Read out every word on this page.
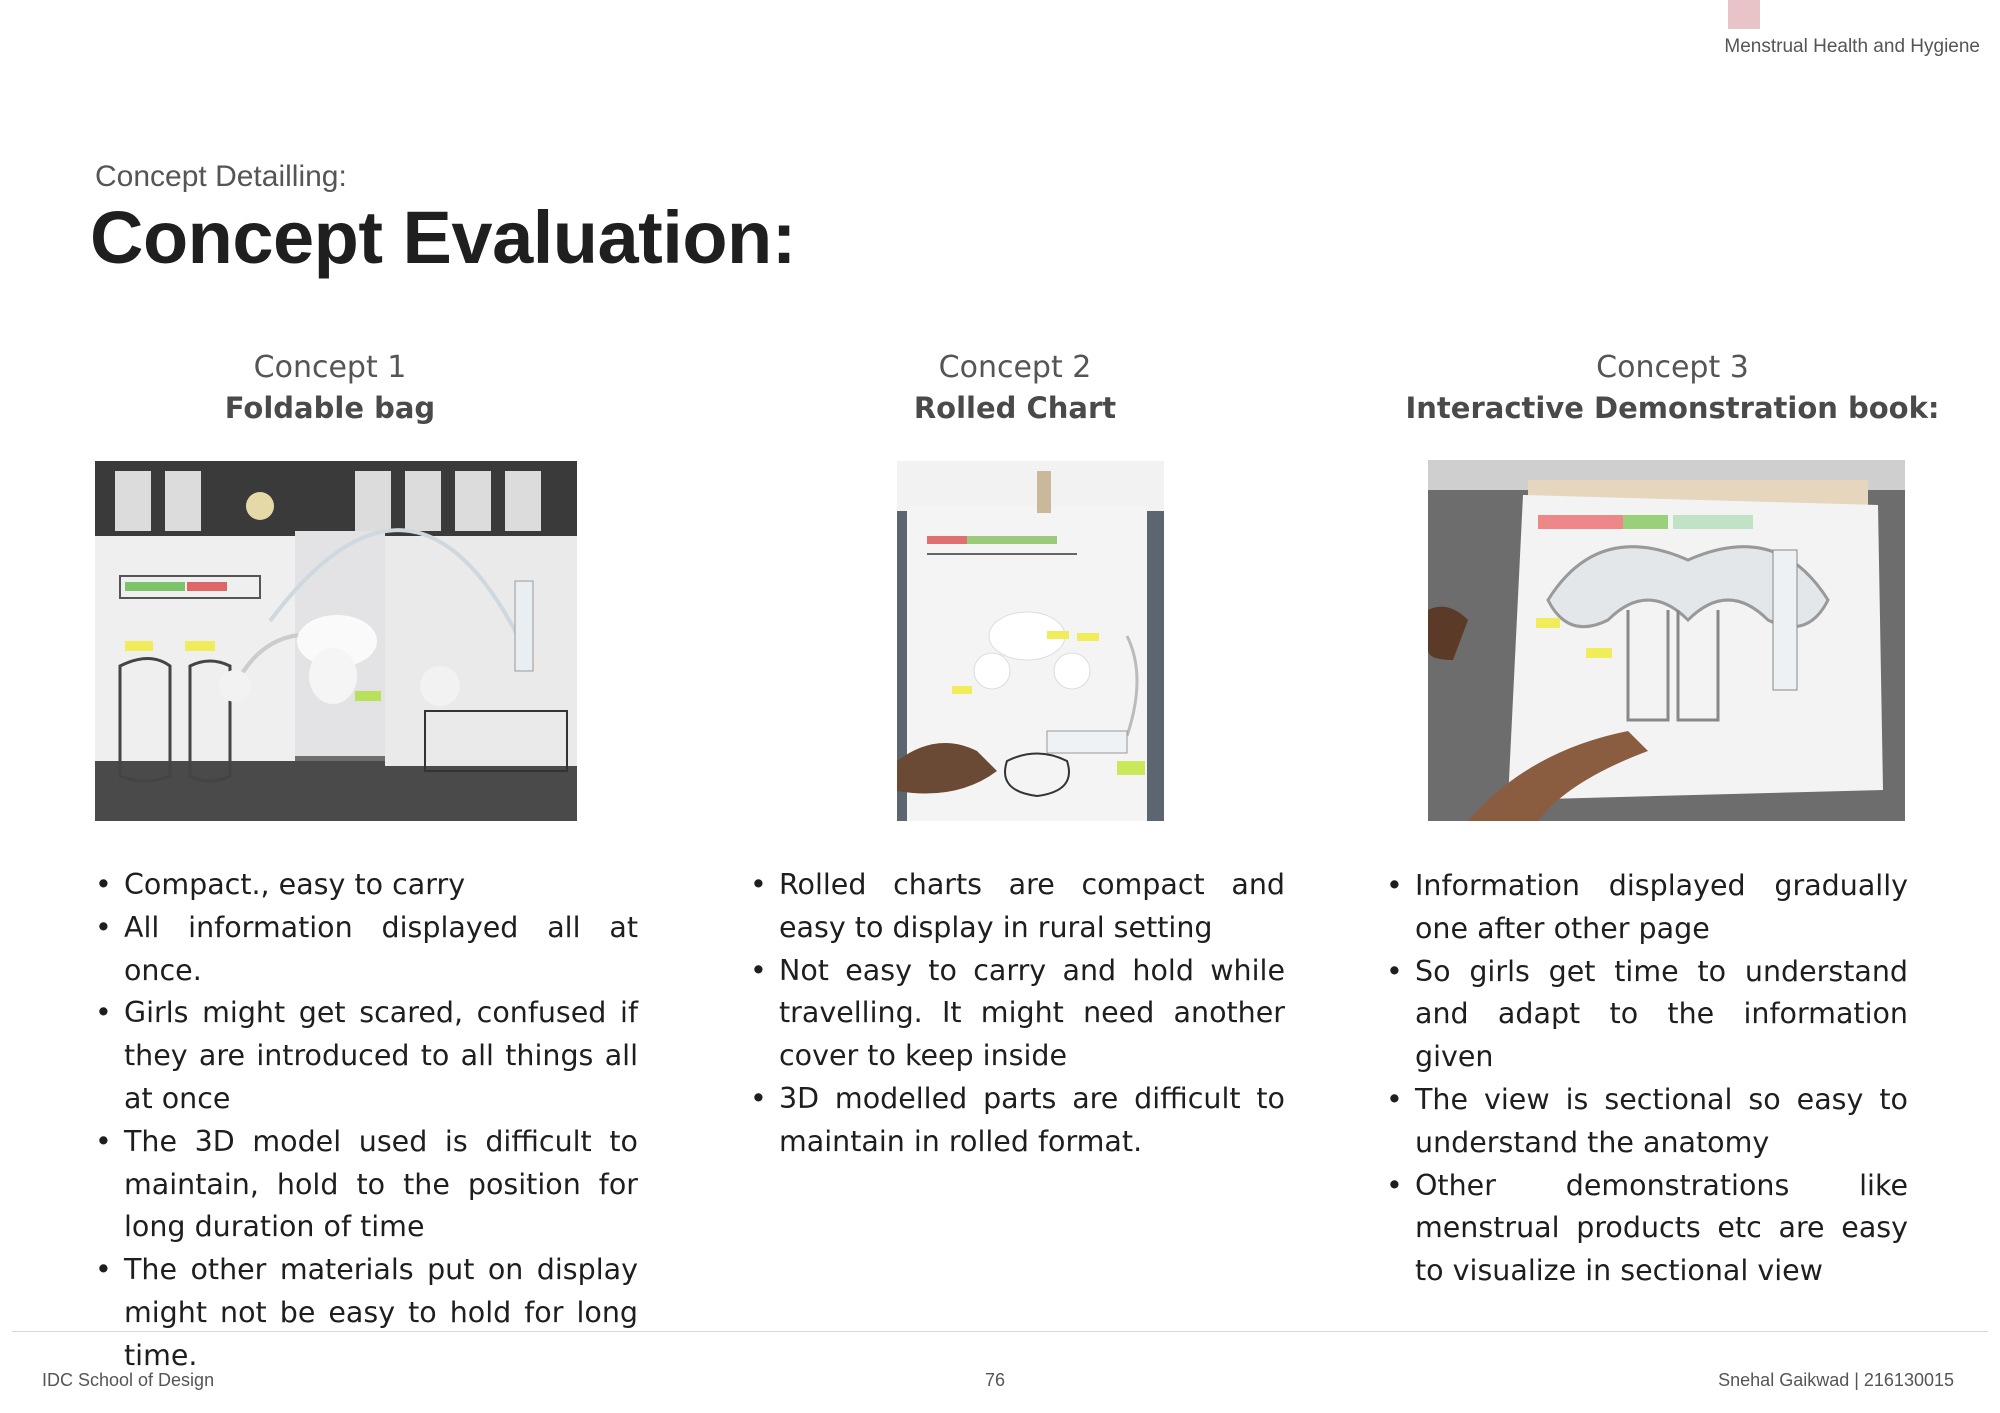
Menstrual Health and Hygiene
Concept Detailling:
Concept Evaluation:
Concept 1
Foldable bag
• Compact., easy to carry
• All information displayed all at once.
• Girls might get scared, confused if they are introduced to all things all at once
• The 3D model used is difficult to maintain, hold to the position for long duration of time
• The other materials put on display might not be easy to hold for long time.
Concept 2
Rolled Chart
• Rolled charts are compact and easy to display in rural setting
• Not easy to carry and hold while travelling. It might need another cover to keep inside
• 3D modelled parts are difficult to maintain in rolled format.
Concept 3
Interactive Demonstration book:
• Information displayed gradually one after other page
• So girls get time to understand and adapt to the information given
• The view is sectional so easy to understand the anatomy
• Other demonstrations like menstrual products etc are easy to visualize in sectional view
IDC School of Design	76	Snehal Gaikwad | 216130015
